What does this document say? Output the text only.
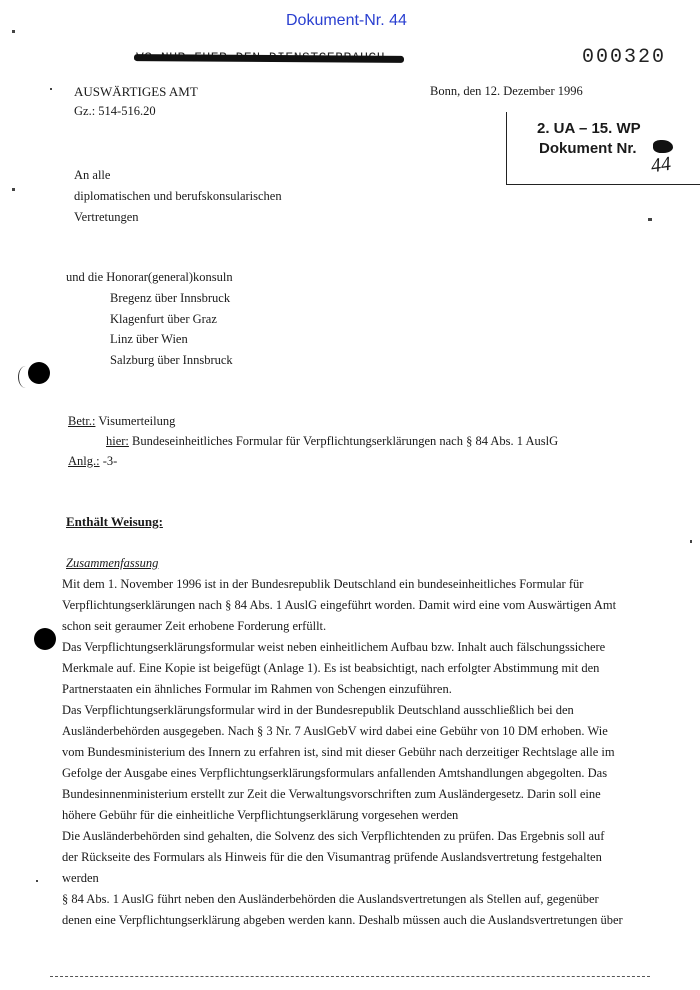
Dokument-Nr. 44
000320
AUSWÄRTIGES AMT
Gz.: 514-516.20
Bonn, den 12. Dezember 1996
2. UA – 15. WP
Dokument Nr.
44
An alle
diplomatischen und berufskonsularischen
Vertretungen
und die Honorar(general)konsuln
Bregenz über Innsbruck
Klagenfurt über Graz
Linz über Wien
Salzburg über Innsbruck
Betr.: Visumerteilung
hier: Bundeseinheitliches Formular für Verpflichtungserklärungen nach § 84 Abs. 1 AuslG
Anlg.: -3-
Enthält Weisung:
Zusammenfassung
Mit dem 1. November 1996 ist in der Bundesrepublik Deutschland ein bundeseinheitliches Formular für
Verpflichtungserklärungen nach § 84 Abs. 1 AuslG eingeführt worden. Damit wird eine vom Auswärtigen Amt
schon seit geraumer Zeit erhobene Forderung erfüllt.
Das Verpflichtungserklärungsformular weist neben einheitlichem Aufbau bzw. Inhalt auch fälschungssichere
Merkmale auf. Eine Kopie ist beigefügt (Anlage 1). Es ist beabsichtigt, nach erfolgter Abstimmung mit den
Partnerstaaten ein ähnliches Formular im Rahmen von Schengen einzuführen.
Das Verpflichtungserklärungsformular wird in der Bundesrepublik Deutschland ausschließlich bei den
Ausländerbehörden ausgegeben. Nach § 3 Nr. 7 AuslGebV wird dabei eine Gebühr von 10 DM erhoben. Wie
vom Bundesministerium des Innern zu erfahren ist, sind mit dieser Gebühr nach derzeitiger Rechtslage alle im
Gefolge der Ausgabe eines Verpflichtungserklärungsformulars anfallenden Amtshandlungen abgegolten. Das
Bundesinnenministerium erstellt zur Zeit die Verwaltungsvorschriften zum Ausländergesetz. Darin soll eine
höhere Gebühr für die einheitliche Verpflichtungserklärung vorgesehen werden
Die Ausländerbehörden sind gehalten, die Solvenz des sich Verpflichtenden zu prüfen. Das Ergebnis soll auf
der Rückseite des Formulars als Hinweis für die den Visumantrag prüfende Auslandsvertretung festgehalten
werden
§ 84 Abs. 1 AuslG führt neben den Ausländerbehörden die Auslandsvertretungen als Stellen auf, gegenüber
denen eine Verpflichtungserklärung abgeben werden kann. Deshalb müssen auch die Auslandsvertretungen über
